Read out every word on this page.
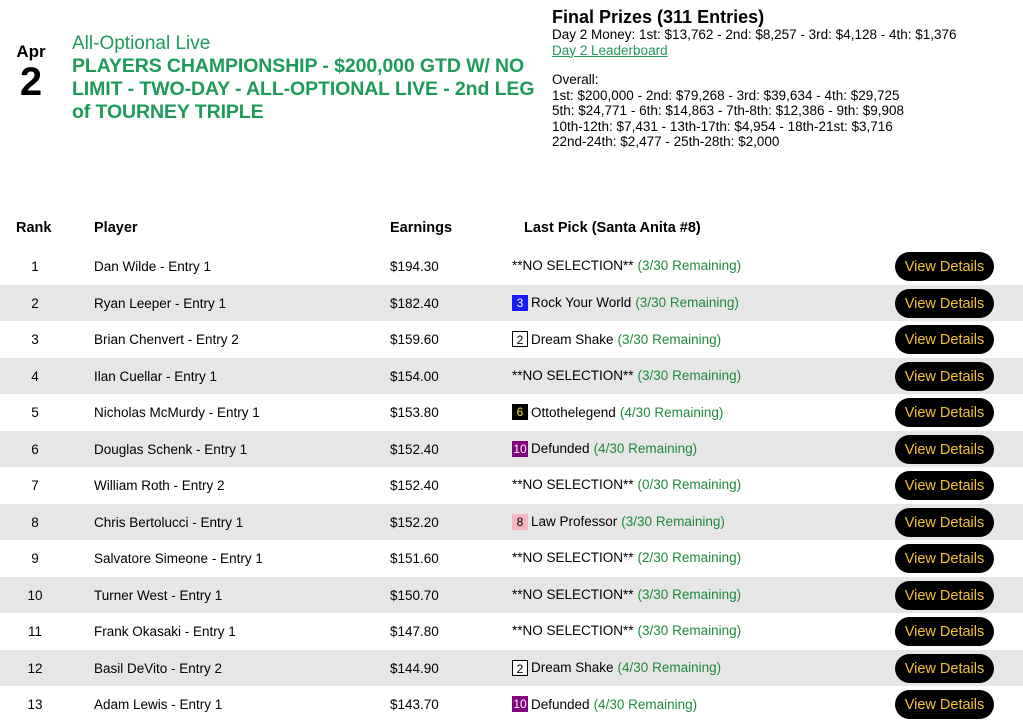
Apr
2
All-Optional Live
PLAYERS CHAMPIONSHIP - $200,000 GTD W/ NO LIMIT - TWO-DAY - ALL-OPTIONAL LIVE - 2nd LEG of TOURNEY TRIPLE
Final Prizes (311 Entries)
Day 2 Money: 1st: $13,762 - 2nd: $8,257 - 3rd: $4,128 - 4th: $1,376
Day 2 Leaderboard
Overall:
1st: $200,000 - 2nd: $79,268 - 3rd: $39,634 - 4th: $29,725
5th: $24,771 - 6th: $14,863 - 7th-8th: $12,386 - 9th: $9,908
10th-12th: $7,431 - 13th-17th: $4,954 - 18th-21st: $3,716
22nd-24th: $2,477 - 25th-28th: $2,000
Rank	Player	Earnings	Last Pick (Santa Anita #8)
1	Dan Wilde - Entry 1	$194.30	**NO SELECTION** (3/30 Remaining)	View Details
2	Ryan Leeper - Entry 1	$182.40	3 Rock Your World (3/30 Remaining)	View Details
3	Brian Chenvert - Entry 2	$159.60	2 Dream Shake (3/30 Remaining)	View Details
4	Ilan Cuellar - Entry 1	$154.00	**NO SELECTION** (3/30 Remaining)	View Details
5	Nicholas McMurdy - Entry 1	$153.80	6 Ottothelegend (4/30 Remaining)	View Details
6	Douglas Schenk - Entry 1	$152.40	10 Defunded (4/30 Remaining)	View Details
7	William Roth - Entry 2	$152.40	**NO SELECTION** (0/30 Remaining)	View Details
8	Chris Bertolucci - Entry 1	$152.20	8 Law Professor (3/30 Remaining)	View Details
9	Salvatore Simeone - Entry 1	$151.60	**NO SELECTION** (2/30 Remaining)	View Details
10	Turner West - Entry 1	$150.70	**NO SELECTION** (3/30 Remaining)	View Details
11	Frank Okasaki - Entry 1	$147.80	**NO SELECTION** (3/30 Remaining)	View Details
12	Basil DeVito - Entry 2	$144.90	2 Dream Shake (4/30 Remaining)	View Details
13	Adam Lewis - Entry 1	$143.70	10 Defunded (4/30 Remaining)	View Details
